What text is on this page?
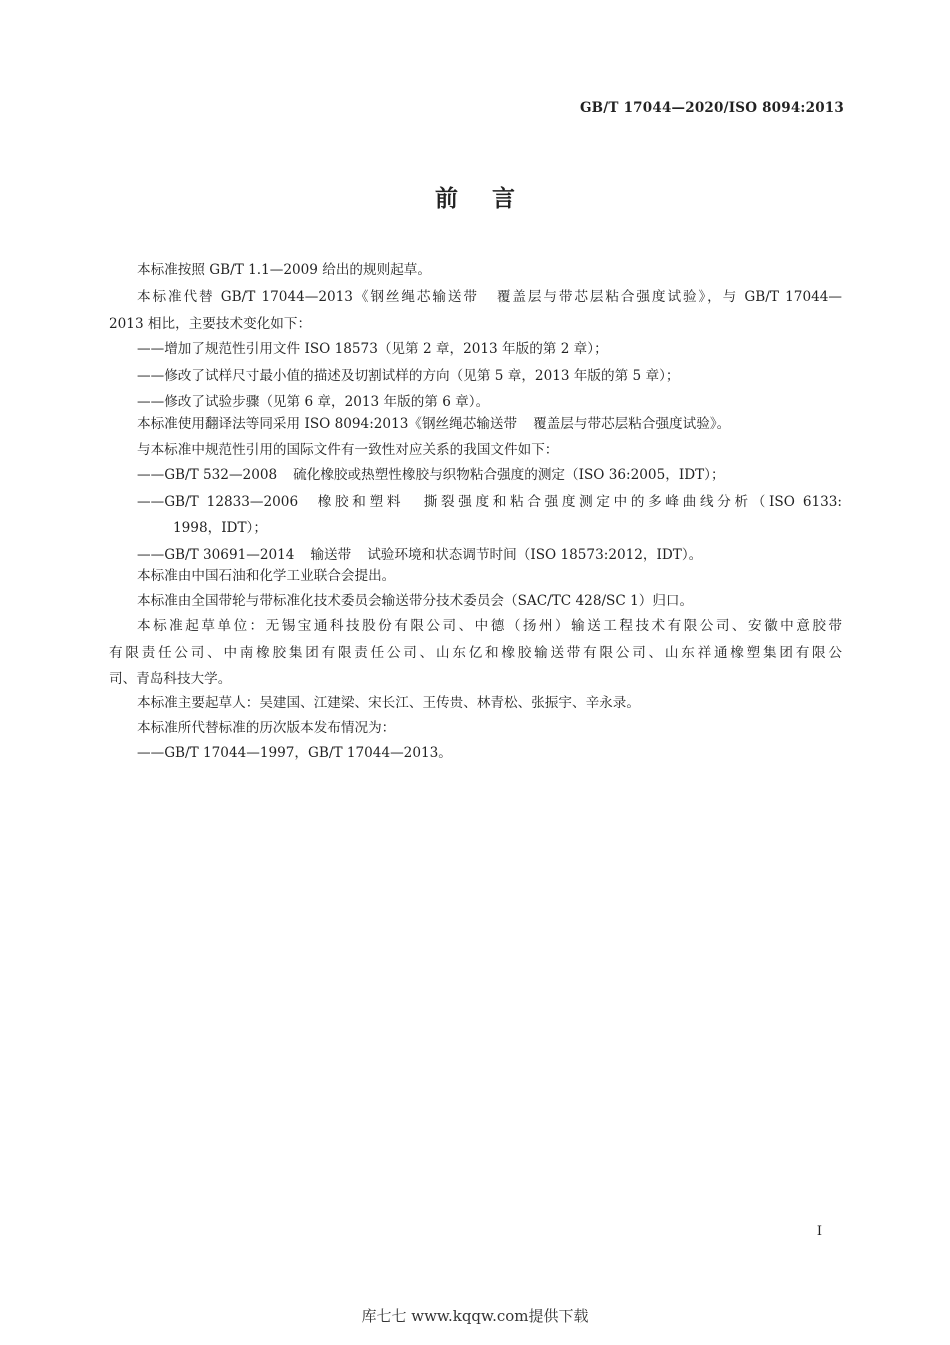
GB/T 17044—2020/ISO 8094:2013
前言
本标准按照 GB/T 1.1—2009 给出的规则起草。
本标准代替 GB/T 17044—2013《钢丝绳芯输送带 覆盖层与带芯层粘合强度试验》，与 GB/T 17044—
2013 相比，主要技术变化如下：
——增加了规范性引用文件 ISO 18573（见第 2 章，2013 年版的第 2 章）；
——修改了试样尺寸最小值的描述及切割试样的方向（见第 5 章，2013 年版的第 5 章）；
——修改了试验步骤（见第 6 章，2013 年版的第 6 章）。
本标准使用翻译法等同采用 ISO 8094:2013《钢丝绳芯输送带 覆盖层与带芯层粘合强度试验》。
与本标准中规范性引用的国际文件有一致性对应关系的我国文件如下：
——GB/T 532—2008 硫化橡胶或热塑性橡胶与织物粘合强度的测定（ISO 36:2005，IDT）；
——GB/T 12833—2006 橡胶和塑料 撕裂强度和粘合强度测定中的多峰曲线分析（ISO 6133:
1998，IDT）；
——GB/T 30691—2014 输送带 试验环境和状态调节时间（ISO 18573:2012，IDT）。
本标准由中国石油和化学工业联合会提出。
本标准由全国带轮与带标准化技术委员会输送带分技术委员会（SAC/TC 428/SC 1）归口。
本标准起草单位：无锡宝通科技股份有限公司、中德（扬州）输送工程技术有限公司、安徽中意胶带
有限责任公司、中南橡胶集团有限责任公司、山东亿和橡胶输送带有限公司、山东祥通橡塑集团有限公
司、青岛科技大学。
本标准主要起草人：吴建国、江建梁、宋长江、王传贵、林青松、张振宇、辛永录。
本标准所代替标准的历次版本发布情况为：
——GB/T 17044—1997，GB/T 17044—2013。
I
库七七 www.kqqw.com提供下载
